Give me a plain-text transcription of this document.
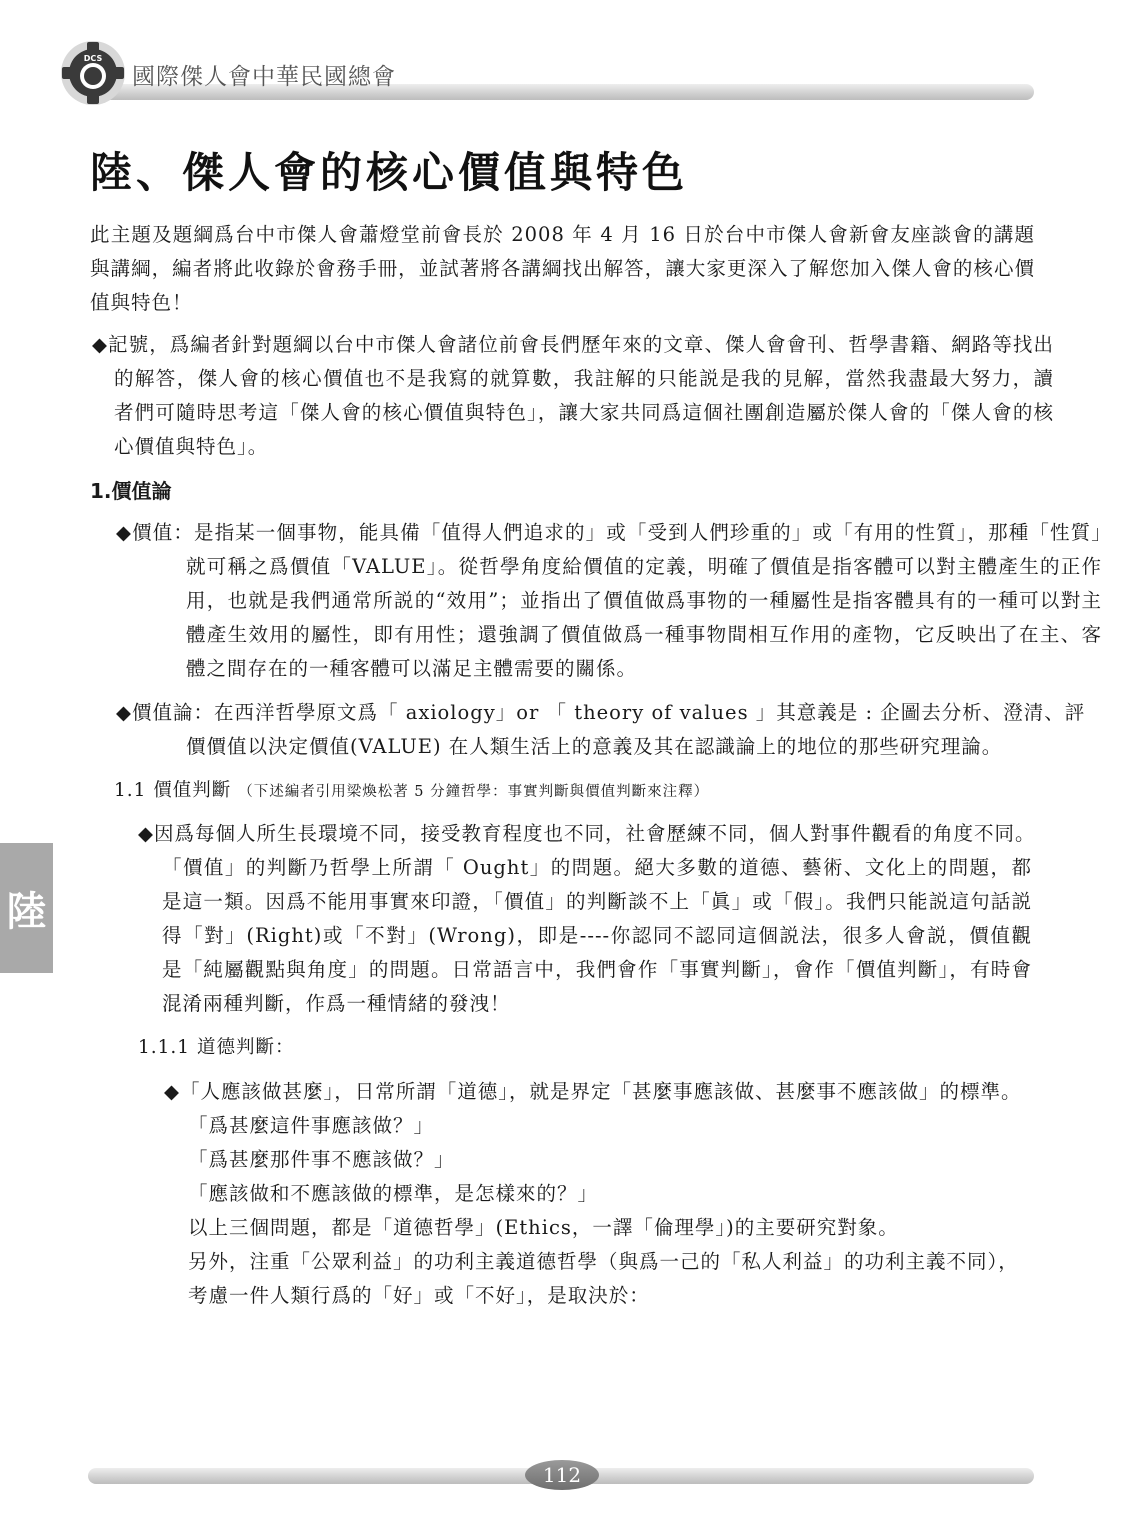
DCS
國際傑人會中華民國總會
陸、傑人會的核心價值與特色

此主題及題綱爲台中市傑人會蕭燈堂前會長於 2008 年 4 月 16 日於台中市傑人會新會友座談會的講題與講綱，編者將此收錄於會務手冊，並試著將各講綱找出解答，讓大家更深入了解您加入傑人會的核心價值與特色！

◆記號，爲編者針對題綱以台中市傑人會諸位前會長們歷年來的文章、傑人會會刊、哲學書籍、網路等找出的解答，傑人會的核心價值也不是我寫的就算數，我註解的只能説是我的見解，當然我盡最大努力，讀者們可隨時思考這「傑人會的核心價值與特色」，讓大家共同爲這個社團創造屬於傑人會的「傑人會的核心價值與特色」。

1.價值論

◆價值：是指某一個事物，能具備「值得人們追求的」或「受到人們珍重的」或「有用的性質」，那種「性質」就可稱之爲價值「VALUE」。從哲學角度給價值的定義，明確了價值是指客體可以對主體產生的正作用，也就是我們通常所説的“效用”；並指出了價值做爲事物的一種屬性是指客體具有的一種可以對主體產生效用的屬性，即有用性；還強調了價值做爲一種事物間相互作用的產物，它反映出了在主、客體之間存在的一種客體可以滿足主體需要的關係。

◆價值論：在西洋哲學原文爲「 axiology」or 「 theory of values 」其意義是 : 企圖去分析、澄清、評價價值以決定價值(VALUE) 在人類生活上的意義及其在認識論上的地位的那些研究理論。

1.1 價值判斷 （下述編者引用梁煥松著 5 分鐘哲學：事實判斷與價值判斷來注釋）

◆因爲每個人所生長環境不同，接受教育程度也不同，社會歷練不同，個人對事件觀看的角度不同。

「價值」的判斷乃哲學上所謂「 Ought」的問題。絕大多數的道德、藝術、文化上的問題，都是這一類。因爲不能用事實來印證，「價值」的判斷談不上「眞」或「假」。我們只能説這句話説得「對」(Right)或「不對」(Wrong)，即是----你認同不認同這個説法，很多人會説，價值觀是「純屬觀點與角度」的問題。日常語言中，我們會作「事實判斷」，會作「價值判斷」，有時會混淆兩種判斷，作爲一種情緒的發洩！

1.1.1 道德判斷：

◆「人應該做甚麼」，日常所謂「道德」，就是界定「甚麼事應該做、甚麼事不應該做」的標準。

「爲甚麼這件事應該做？」

「爲甚麼那件事不應該做？」

「應該做和不應該做的標準，是怎樣來的？」

以上三個問題，都是「道德哲學」(Ethics，一譯「倫理學」)的主要研究對象。

另外，注重「公眾利益」的功利主義道德哲學（與爲一己的「私人利益」的功利主義不同），考慮一件人類行爲的「好」或「不好」，是取決於：

陸
112
